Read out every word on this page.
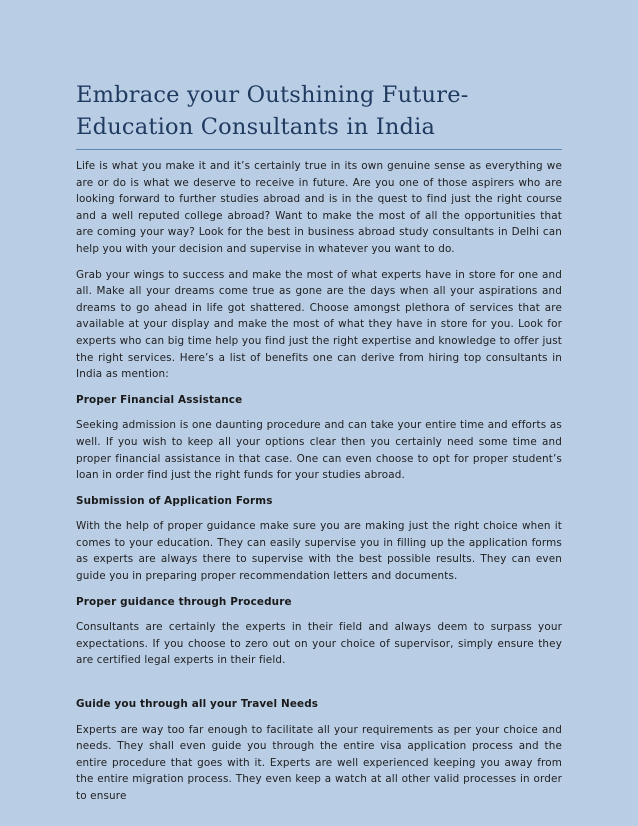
Embrace your Outshining Future-
Education Consultants in India

Life is what you make it and it’s certainly true in its own genuine sense as everything we are or do is what we deserve to receive in future. Are you one of those aspirers who are looking forward to further studies abroad and is in the quest to find just the right course and a well reputed college abroad? Want to make the most of all the opportunities that are coming your way? Look for the best in business abroad study consultants in Delhi can help you with your decision and supervise in whatever you want to do.

Grab your wings to success and make the most of what experts have in store for one and all. Make all your dreams come true as gone are the days when all your aspirations and dreams to go ahead in life got shattered. Choose amongst plethora of services that are available at your display and make the most of what they have in store for you. Look for experts who can big time help you find just the right expertise and knowledge to offer just the right services. Here’s a list of benefits one can derive from hiring top consultants in India as mention:

Proper Financial Assistance

Seeking admission is one daunting procedure and can take your entire time and efforts as well. If you wish to keep all your options clear then you certainly need some time and proper financial assistance in that case. One can even choose to opt for proper student’s loan in order find just the right funds for your studies abroad.

Submission of Application Forms

With the help of proper guidance make sure you are making just the right choice when it comes to your education. They can easily supervise you in filling up the application forms as experts are always there to supervise with the best possible results. They can even guide you in preparing proper recommendation letters and documents.

Proper guidance through Procedure

Consultants are certainly the experts in their field and always deem to surpass your expectations. If you choose to zero out on your choice of supervisor, simply ensure they are certified legal experts in their field.

Guide you through all your Travel Needs

Experts are way too far enough to facilitate all your requirements as per your choice and needs. They shall even guide you through the entire visa application process and the entire procedure that goes with it. Experts are well experienced keeping you away from the entire migration process. They even keep a watch at all other valid processes in order to ensure
